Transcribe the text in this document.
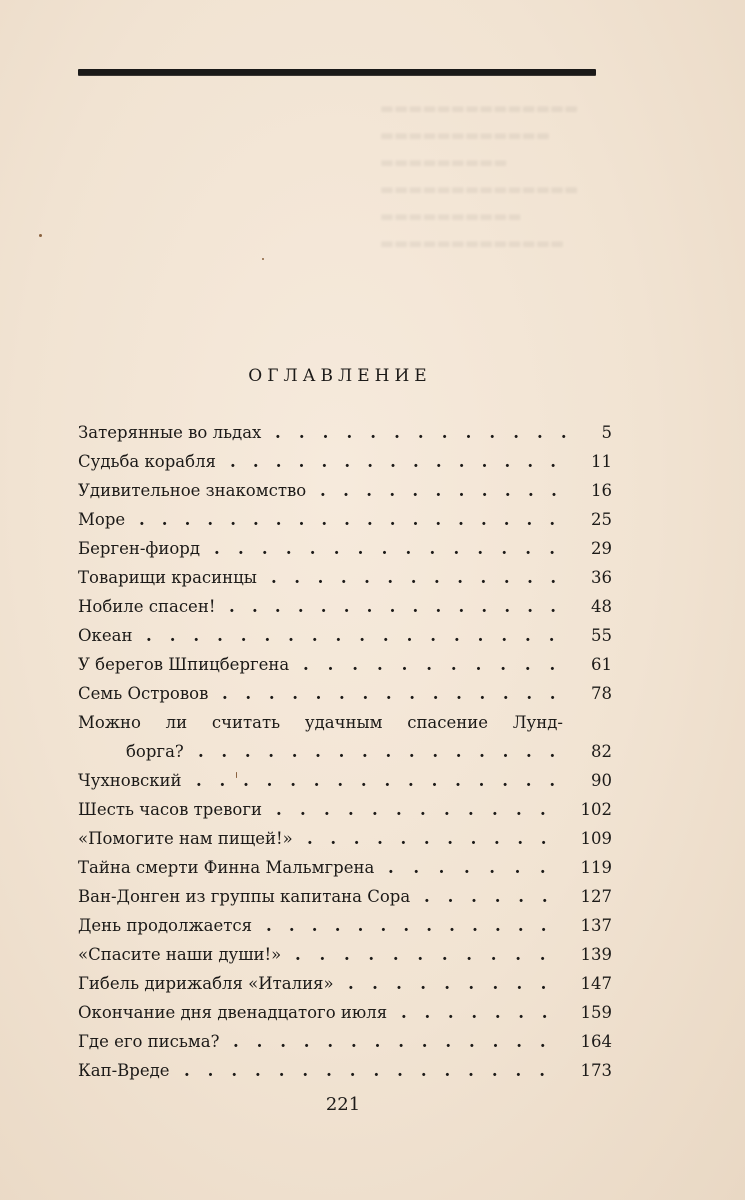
▬▬▬▬▬▬▬▬▬▬▬▬▬▬
▬▬▬▬▬▬▬▬▬▬▬▬
▬▬▬▬▬▬▬▬▬
▬▬▬▬▬▬▬▬▬▬▬▬▬▬
▬▬▬▬▬▬▬▬▬▬
▬▬▬▬▬▬▬▬▬▬▬▬▬
ОГЛАВЛЕНИЕ
Затерянные во льдах ............. 5
Судьба корабля ............... 11
Удивительное знакомство ........... 16
Море ................... 25
Берген-фиорд ............... 29
Товарищи красинцы ............. 36
Нобиле спасен! ............... 48
Океан .................. 55
У берегов Шпицбергена ........... 61
Семь Островов ............... 78
Можно ли считать удачным спасение Лунд-
борга? ................ 82
Чухновский ................ 90
Шесть часов тревоги ............ 102
«Помогите нам пищей!» ........... 109
Тайна смерти Финна Мальмгрена ....... 119
Ван-Донген из группы капитана Сора ...... 127
День продолжается ............. 137
«Спасите наши души!» ........... 139
Гибель дирижабля «Италия» ......... 147
Окончание дня двенадцатого июля ....... 159
Где его письма? .............. 164
Кап-Вреде ................ 173
221
